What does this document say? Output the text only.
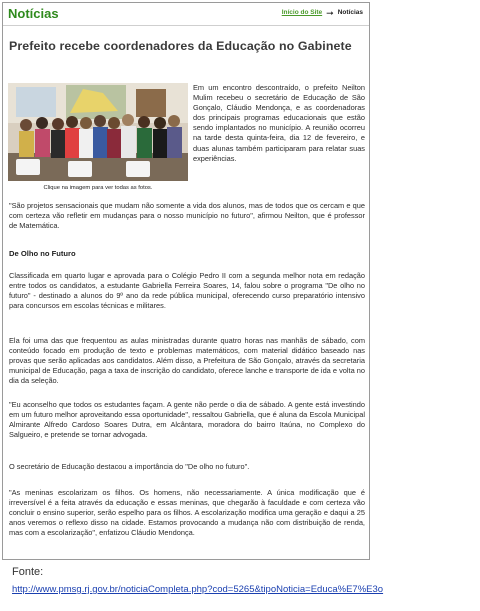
Notícias	Início do Site ➞ Notícias
Prefeito recebe coordenadores da Educação no Gabinete
Clique na imagem para ver todas as fotos.
Em um encontro descontraído, o prefeito Neilton Mulim recebeu o secretário de Educação de São Gonçalo, Cláudio Mendonça, e as coordenadoras dos principais programas educacionais que estão sendo implantados no município. A reunião ocorreu na tarde desta quinta-feira, dia 12 de fevereiro, e duas alunas também participaram para relatar suas experiências.
"São projetos sensacionais que mudam não somente a vida dos alunos, mas de todos que os cercam e que com certeza vão refletir em mudanças para o nosso município no futuro", afirmou Neilton, que é professor de Matemática.
De Olho no Futuro
Classificada em quarto lugar e aprovada para o Colégio Pedro II com a segunda melhor nota em redação entre todos os candidatos, a estudante Gabriella Ferreira Soares, 14, falou sobre o programa "De olho no futuro" - destinado a alunos do 9º ano da rede pública municipal, oferecendo curso preparatório intensivo para concursos em escolas técnicas e militares.
Ela foi uma das que frequentou as aulas ministradas durante quatro horas nas manhãs de sábado, com conteúdo focado em produção de texto e problemas matemáticos, com material didático baseado nas provas que serão aplicadas aos candidatos. Além disso, a Prefeitura de São Gonçalo, através da secretaria municipal de Educação, paga a taxa de inscrição do candidato, oferece lanche e transporte de ida e volta no dia da seleção.
"Eu aconselho que todos os estudantes façam. A gente não perde o dia de sábado. A gente está investindo em um futuro melhor aproveitando essa oportunidade", ressaltou Gabriella, que é aluna da Escola Municipal Almirante Alfredo Cardoso Soares Dutra, em Alcântara, moradora do bairro Itaúna, no Complexo do Salgueiro, e pretende se tornar advogada.
O secretário de Educação destacou a importância do "De olho no futuro".
"As meninas escolarizam os filhos. Os homens, não necessariamente. A única modificação que é irreversível é a feita através da educação e essas meninas, que chegarão à faculdade e com certeza vão concluir o ensino superior, serão espelho para os filhos. A escolarização modifica uma geração e daqui a 25 anos veremos o reflexo disso na cidade. Estamos provocando a mudança não com distribuição de renda, mas com a escolarização", enfatizou Cláudio Mendonça.
Fonte:
http://www.pmsg.rj.gov.br/noticiaCompleta.php?cod=5265&tipoNoticia=Educa%E7%E3o
